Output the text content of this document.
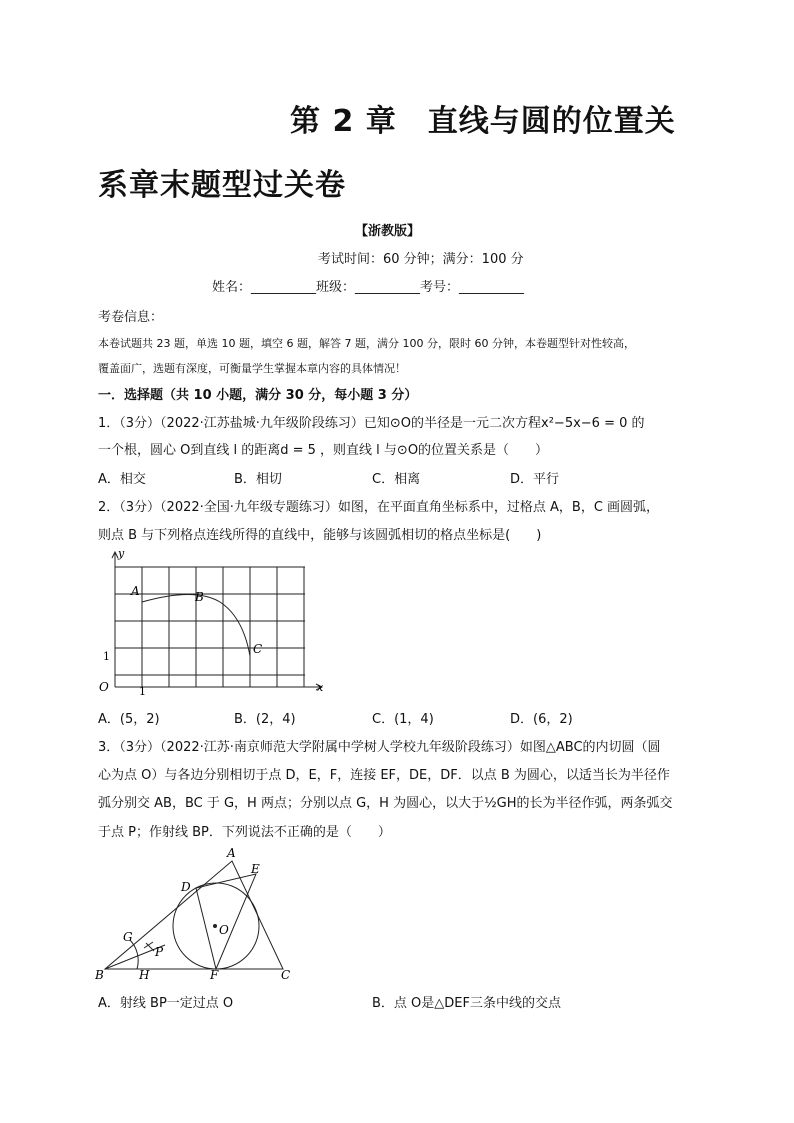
第 2 章　直线与圆的位置关
系章末题型过关卷
【浙教版】
考试时间：60 分钟；满分：100 分
姓名：__________班级：__________考号：__________
考卷信息：
本卷试题共 23 题，单选 10 题，填空 6 题，解答 7 题，满分 100 分，限时 60 分钟，本卷题型针对性较高，
覆盖面广，选题有深度，可衡量学生掌握本章内容的具体情况！
一．选择题（共 10 小题，满分 30 分，每小题 3 分）
1．（3分）（2022·江苏盐城·九年级阶段练习）已知⊙O的半径是一元二次方程x²−5x−6 = 0 的
一个根，圆心 O到直线 l 的距离d = 5 ，则直线 l 与⊙O的位置关系是（　　）
A．相交	B．相切	C．相离	D．平行
2．（3分）（2022·全国·九年级专题练习）如图，在平面直角坐标系中，过格点 A，B，C 画圆弧，
则点 B 与下列格点连线所得的直线中，能够与该圆弧相切的格点坐标是(　　)
y
x
O
1
1
A	B
C
A．(5，2)	B．(2，4)	C．(1，4)	D．(6，2)
3．（3分）（2022·江苏·南京师范大学附属中学树人学校九年级阶段练习）如图△ABC的内切圆（圆
心为点 O）与各边分别相切于点 D，E，F，连接 EF，DE，DF．以点 B 为圆心，以适当长为半径作
弧分别交 AB，BC 于 G，H 两点；分别以点 G，H 为圆心，以大于½GH的长为半径作弧，两条弧交
于点 P；作射线 BP．下列说法不正确的是（　　）
A
B	C
D
E
F
G
H
O
P
A．射线 BP一定过点 O	B．点 O是△DEF三条中线的交点
